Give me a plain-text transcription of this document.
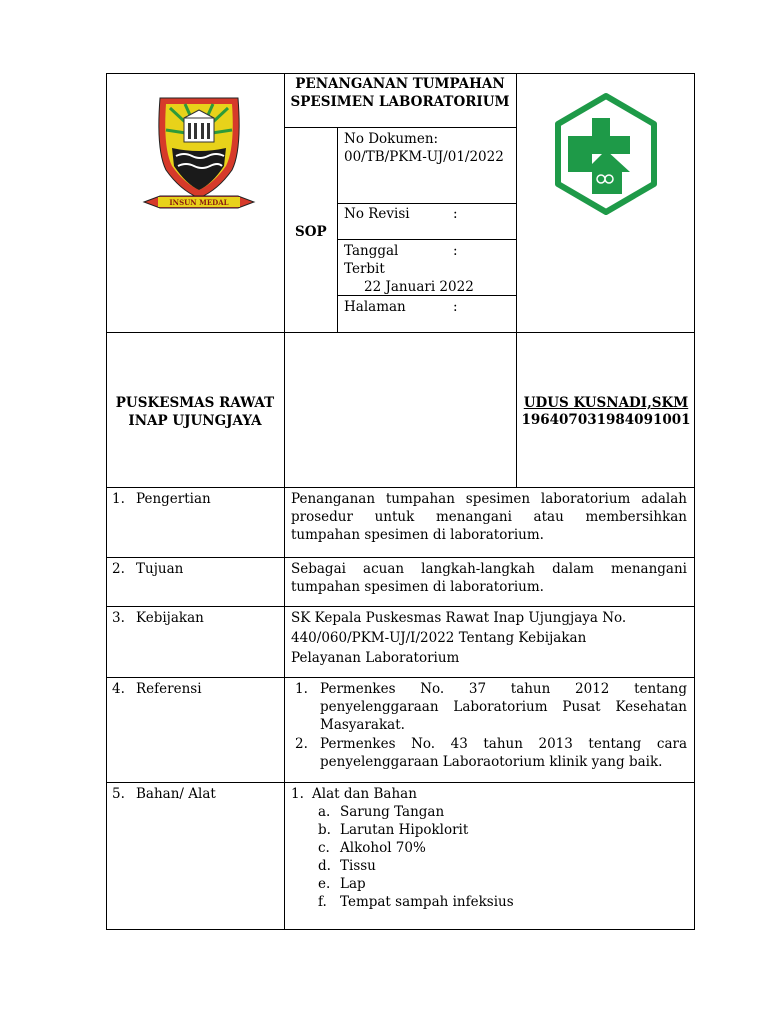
INSUN MEDAL
PENANGANAN TUMPAHAN SPESIMEN LABORATORIUM
SOP
No Dokumen:
00/TB/PKM-UJ/01/2022
No Revisi	:
Tanggal	:
Terbit
22 Januari 2022
Halaman	:
PUSKESMAS RAWAT INAP UJUNGJAYA
UDUS KUSNADI,SKM
196407031984091001
1. Pengertian	Penanganan tumpahan spesimen laboratorium adalah prosedur untuk menangani atau membersihkan tumpahan spesimen di laboratorium.
2. Tujuan	Sebagai acuan langkah-langkah dalam menangani tumpahan spesimen di laboratorium.
3. Kebijakan	SK Kepala Puskesmas Rawat Inap Ujungjaya No.
440/060/PKM-UJ/I/2022 Tentang Kebijakan
Pelayanan Laboratorium
4. Referensi	1. Permenkes No. 37 tahun 2012 tentang penyelenggaraan Laboratorium Pusat Kesehatan Masyarakat.
2. Permenkes No. 43 tahun 2013 tentang cara penyelenggaraan Laboraotorium klinik yang baik.
5. Bahan/ Alat	1. Alat dan Bahan
a. Sarung Tangan
b. Larutan Hipoklorit
c. Alkohol 70%
d. Tissu
e. Lap
f. Tempat sampah infeksius
